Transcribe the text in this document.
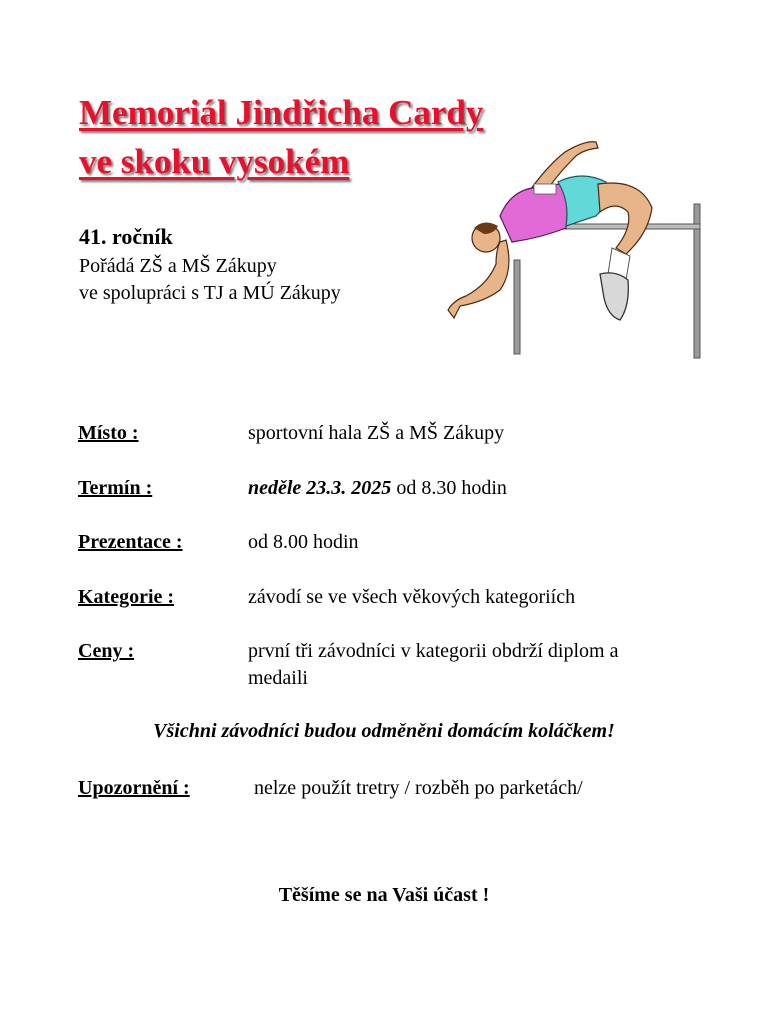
Memoriál Jindřicha Cardy
ve skoku vysokém
41. ročník
Pořádá ZŠ a MŠ Zákupy
ve spolupráci s TJ a MÚ Zákupy
Místo :	sportovní hala ZŠ a MŠ Zákupy
Termín :	neděle 23.3. 2025 od 8.30 hodin
Prezentace :	od 8.00 hodin
Kategorie :	závodí se ve všech věkových kategoriích
Ceny :	první tři závodníci v kategorii obdrží diplom a medaili
Všichni závodníci budou odměněni domácím koláčkem!
Upozornění :	nelze použít tretry / rozběh po parketách/
Těšíme se na Vaši účast !
